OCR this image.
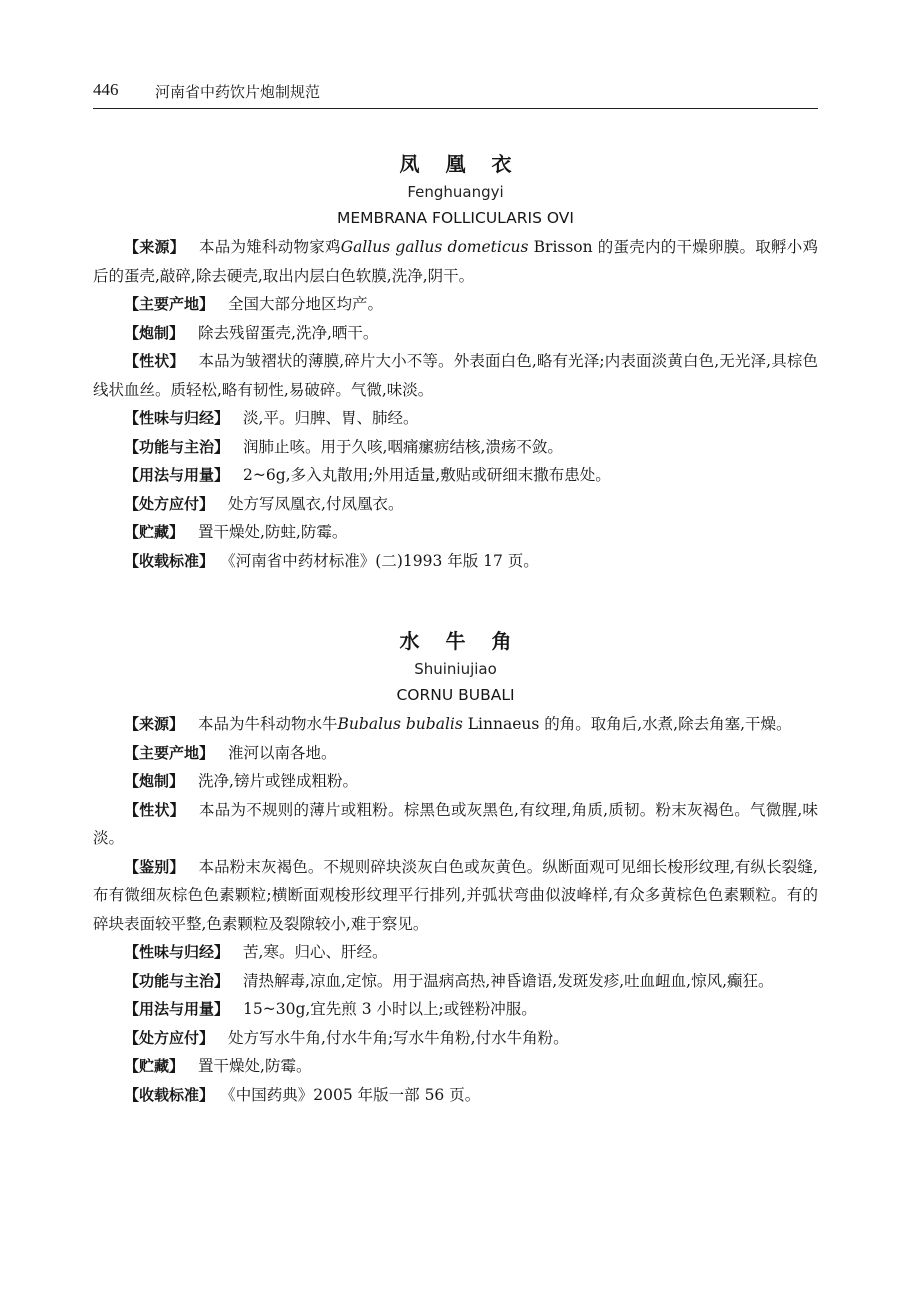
446 河南省中药饮片炮制规范
凤凰衣
Fenghuangyi
MEMBRANA FOLLICULARIS OVI

【来源】 本品为雉科动物家鸡Gallus gallus dometicus Brisson 的蛋壳内的干燥卵膜。取孵小鸡后的蛋壳,敲碎,除去硬壳,取出内层白色软膜,洗净,阴干。

【主要产地】 全国大部分地区均产。

【炮制】 除去残留蛋壳,洗净,晒干。

【性状】 本品为皱褶状的薄膜,碎片大小不等。外表面白色,略有光泽;内表面淡黄白色,无光泽,具棕色线状血丝。质轻松,略有韧性,易破碎。气微,味淡。

【性味与归经】 淡,平。归脾、胃、肺经。

【功能与主治】 润肺止咳。用于久咳,咽痛瘰疬结核,溃疡不敛。

【用法与用量】 2~6g,多入丸散用;外用适量,敷贴或研细末撒布患处。

【处方应付】 处方写凤凰衣,付凤凰衣。

【贮藏】 置干燥处,防蛀,防霉。

【收载标准】 《河南省中药材标准》(二)1993 年版 17 页。

水牛角
Shuiniujiao
CORNU BUBALI

【来源】 本品为牛科动物水牛Bubalus bubalis Linnaeus 的角。取角后,水煮,除去角塞,干燥。

【主要产地】 淮河以南各地。

【炮制】 洗净,镑片或锉成粗粉。

【性状】 本品为不规则的薄片或粗粉。棕黑色或灰黑色,有纹理,角质,质韧。粉末灰褐色。气微腥,味淡。

【鉴别】 本品粉末灰褐色。不规则碎块淡灰白色或灰黄色。纵断面观可见细长梭形纹理,有纵长裂缝,布有微细灰棕色色素颗粒;横断面观梭形纹理平行排列,并弧状弯曲似波峰样,有众多黄棕色色素颗粒。有的碎块表面较平整,色素颗粒及裂隙较小,难于察见。

【性味与归经】 苦,寒。归心、肝经。

【功能与主治】 清热解毒,凉血,定惊。用于温病高热,神昏谵语,发斑发疹,吐血衄血,惊风,癫狂。

【用法与用量】 15~30g,宜先煎 3 小时以上;或锉粉冲服。

【处方应付】 处方写水牛角,付水牛角;写水牛角粉,付水牛角粉。

【贮藏】 置干燥处,防霉。

【收载标准】 《中国药典》2005 年版一部 56 页。
